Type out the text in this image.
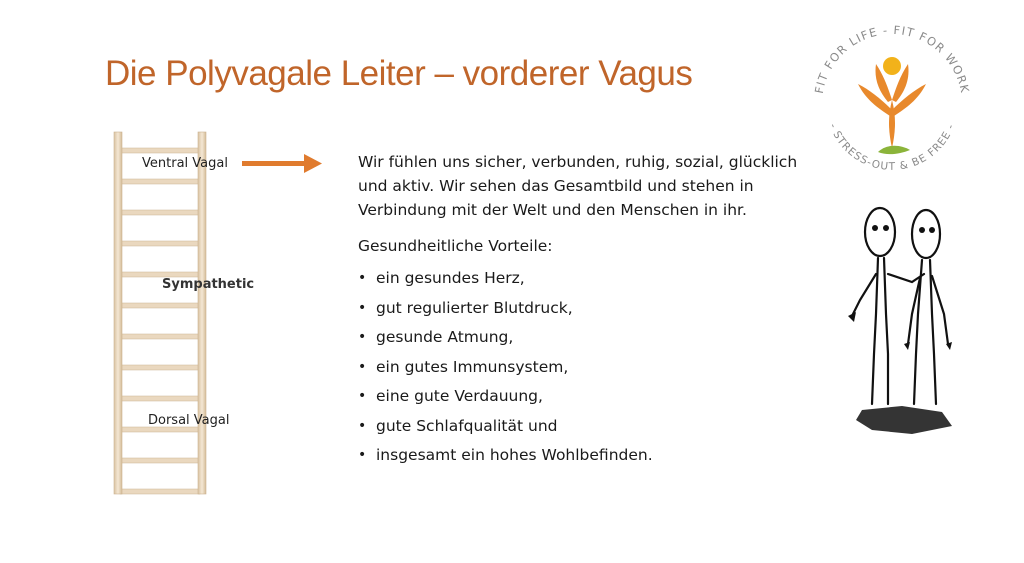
Die Polyvagale Leiter – vorderer Vagus
Ventral Vagal
Sympathetic
Dorsal Vagal

Wir fühlen uns sicher, verbunden, ruhig, sozial, glücklich und aktiv. Wir sehen das Gesamtbild und stehen in Verbindung mit der Welt und den Menschen in ihr.

Gesundheitliche Vorteile:

• ein gesundes Herz,
• gut regulierter Blutdruck,
• gesunde Atmung,
• ein gutes Immunsystem,
• eine gute Verdauung,
• gute Schlafqualität und
• insgesamt ein hohes Wohlbefinden.
FIT FOR LIFE - FIT FOR WORK
- STRESS-OUT & BE FREE -
